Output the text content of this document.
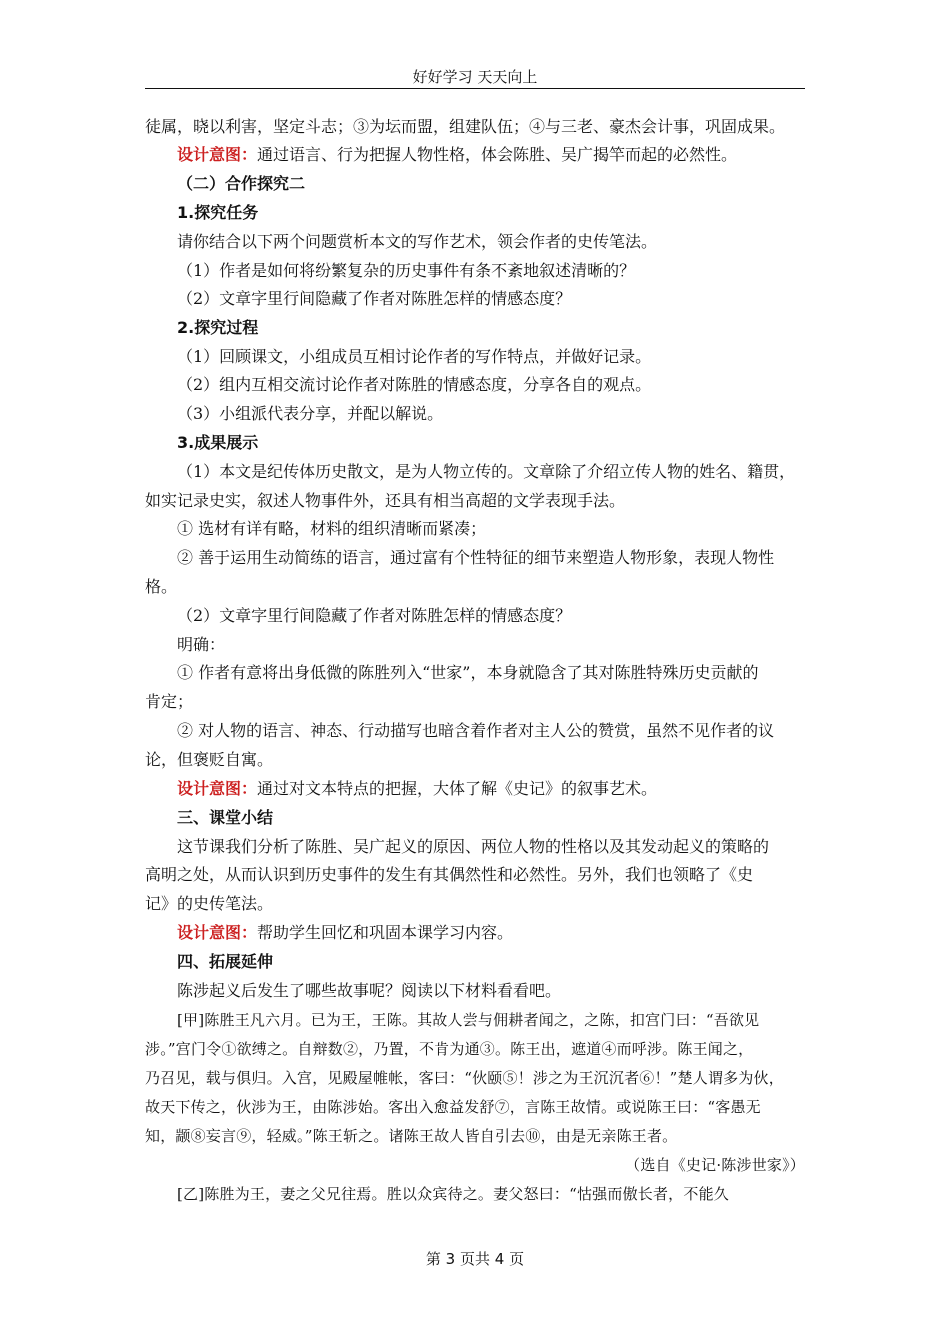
好好学习 天天向上
徒属，晓以利害，坚定斗志；③为坛而盟，组建队伍；④与三老、豪杰会计事，巩固成果。
设计意图：通过语言、行为把握人物性格，体会陈胜、吴广揭竿而起的必然性。
（二）合作探究二
1.探究任务
请你结合以下两个问题赏析本文的写作艺术，领会作者的史传笔法。
（1）作者是如何将纷繁复杂的历史事件有条不紊地叙述清晰的？
（2）文章字里行间隐藏了作者对陈胜怎样的情感态度？
2.探究过程
（1）回顾课文，小组成员互相讨论作者的写作特点，并做好记录。
（2）组内互相交流讨论作者对陈胜的情感态度，分享各自的观点。
（3）小组派代表分享，并配以解说。
3.成果展示
（1）本文是纪传体历史散文，是为人物立传的。文章除了介绍立传人物的姓名、籍贯，
如实记录史实，叙述人物事件外，还具有相当高超的文学表现手法。
① 选材有详有略，材料的组织清晰而紧凑；
② 善于运用生动简练的语言，通过富有个性特征的细节来塑造人物形象，表现人物性
格。
（2）文章字里行间隐藏了作者对陈胜怎样的情感态度？
明确：
① 作者有意将出身低微的陈胜列入“世家”，本身就隐含了其对陈胜特殊历史贡献的
肯定；
② 对人物的语言、神态、行动描写也暗含着作者对主人公的赞赏，虽然不见作者的议
论，但褒贬自寓。
设计意图：通过对文本特点的把握，大体了解《史记》的叙事艺术。
三、课堂小结
这节课我们分析了陈胜、吴广起义的原因、两位人物的性格以及其发动起义的策略的
高明之处，从而认识到历史事件的发生有其偶然性和必然性。另外，我们也领略了《史
记》的史传笔法。
设计意图：帮助学生回忆和巩固本课学习内容。
四、拓展延伸
陈涉起义后发生了哪些故事呢？阅读以下材料看看吧。
[甲]陈胜王凡六月。已为王，王陈。其故人尝与佣耕者闻之，之陈，扣宫门曰：“吾欲见
涉。”宫门令①欲缚之。自辩数②，乃置，不肯为通③。陈王出，遮道④而呼涉。陈王闻之，
乃召见，载与俱归。入宫，见殿屋帷帐，客曰：“伙颐⑤！涉之为王沉沉者⑥！”楚人谓多为伙，
故天下传之，伙涉为王，由陈涉始。客出入愈益发舒⑦，言陈王故情。或说陈王曰：“客愚无
知，颛⑧妄言⑨，轻威。”陈王斩之。诸陈王故人皆自引去⑩，由是无亲陈王者。
（选自《史记·陈涉世家》）
[乙]陈胜为王，妻之父兄往焉。胜以众宾待之。妻父怒曰：“怙强而傲长者，不能久
第 3 页共 4 页
